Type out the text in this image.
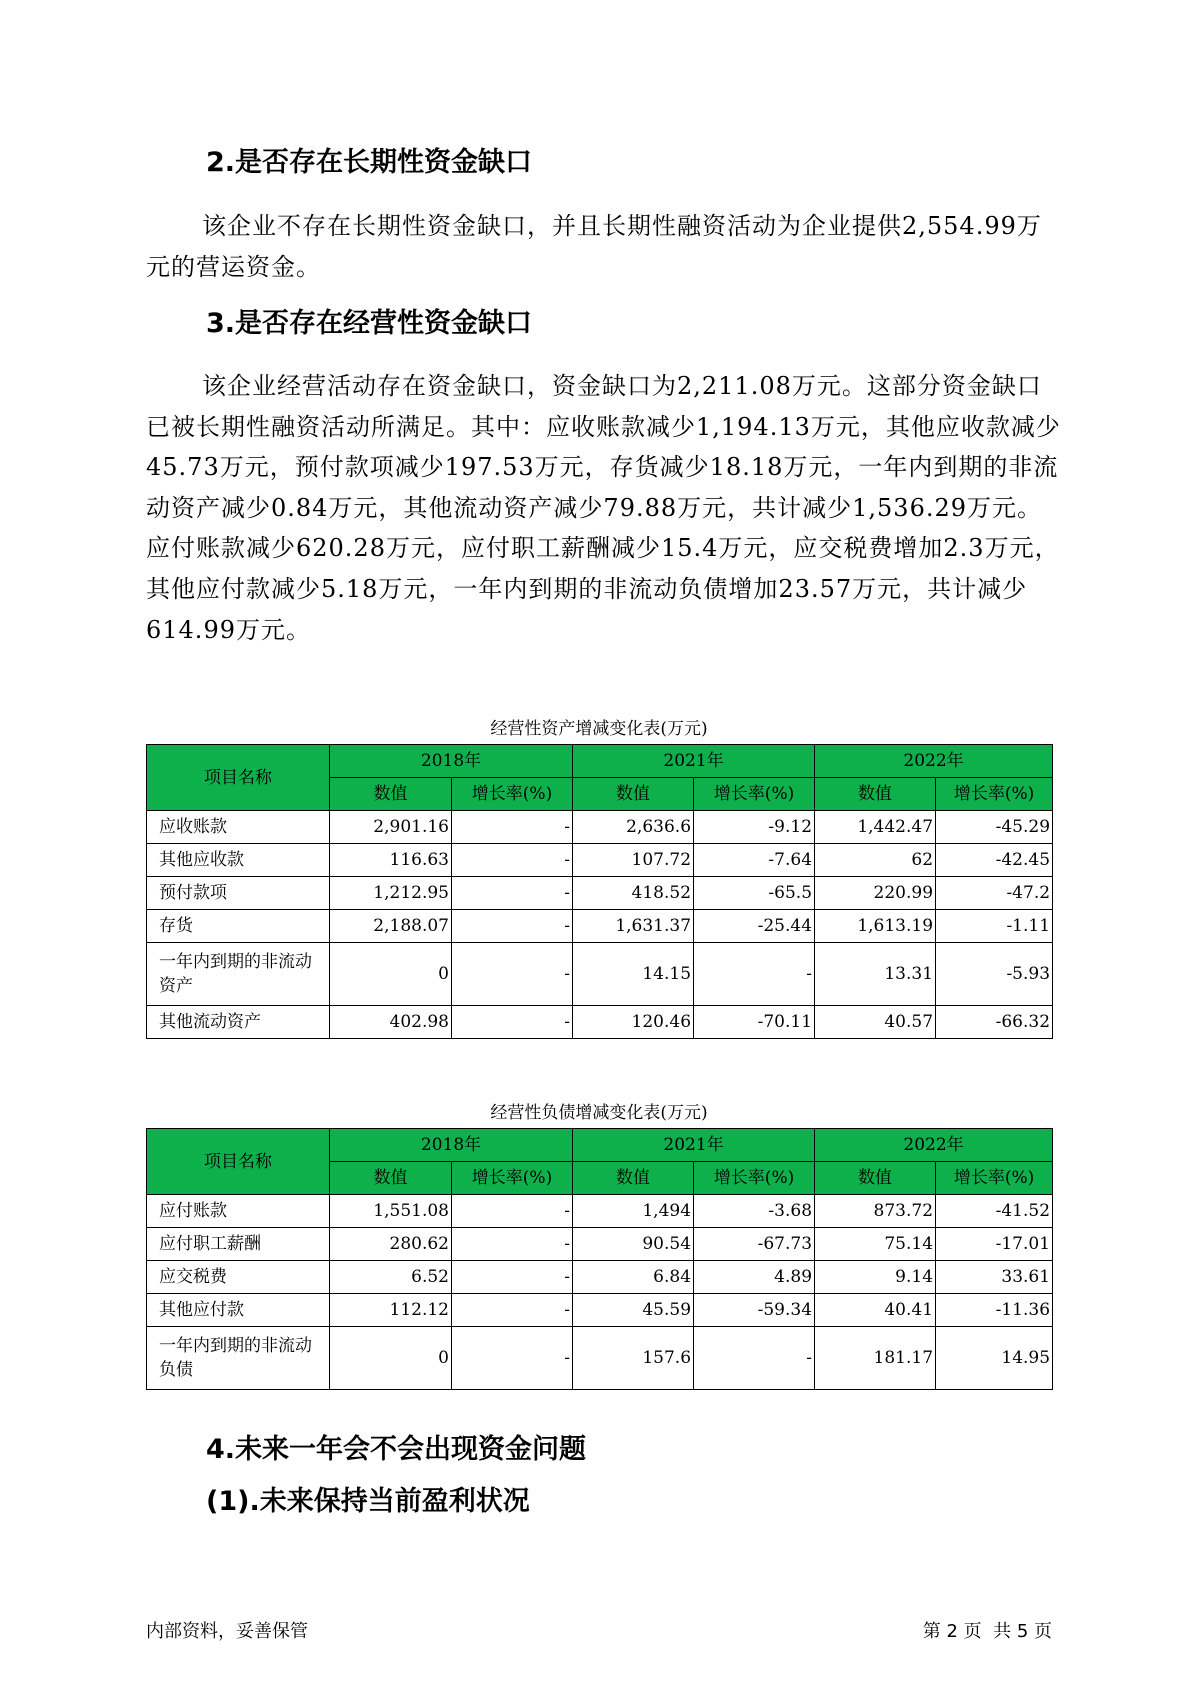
2.是否存在长期性资金缺口

该企业不存在长期性资金缺口，并且长期性融资活动为企业提供2,554.99万元的营运资金。

3.是否存在经营性资金缺口

该企业经营活动存在资金缺口，资金缺口为2,211.08万元。这部分资金缺口已被长期性融资活动所满足。其中：应收账款减少1,194.13万元，其他应收款减少45.73万元，预付款项减少197.53万元，存货减少18.18万元，一年内到期的非流动资产减少0.84万元，其他流动资产减少79.88万元，共计减少1,536.29万元。应付账款减少620.28万元，应付职工薪酬减少15.4万元，应交税费增加2.3万元，其他应付款减少5.18万元，一年内到期的非流动负债增加23.57万元，共计减少614.99万元。

经营性资产增减变化表(万元)
项目名称	2018年		2021年		2022年	
	数值	增长率(%)	数值	增长率(%)	数值	增长率(%)
应收账款	2,901.16	-	2,636.6	-9.12	1,442.47	-45.29
其他应收款	116.63	-	107.72	-7.64	62	-42.45
预付款项	1,212.95	-	418.52	-65.5	220.99	-47.2
存货	2,188.07	-	1,631.37	-25.44	1,613.19	-1.11
一年内到期的非流动资产	0	-	14.15	-	13.31	-5.93
其他流动资产	402.98	-	120.46	-70.11	40.57	-66.32
经营性负债增减变化表(万元)
项目名称	2018年		2021年		2022年	
	数值	增长率(%)	数值	增长率(%)	数值	增长率(%)
应付账款	1,551.08	-	1,494	-3.68	873.72	-41.52
应付职工薪酬	280.62	-	90.54	-67.73	75.14	-17.01
应交税费	6.52	-	6.84	4.89	9.14	33.61
其他应付款	112.12	-	45.59	-59.34	40.41	-11.36
一年内到期的非流动负债	0	-	157.6	-	181.17	14.95
4.未来一年会不会出现资金问题
(1).未来保持当前盈利状况
内部资料，妥善保管	第 2 页  共 5 页
